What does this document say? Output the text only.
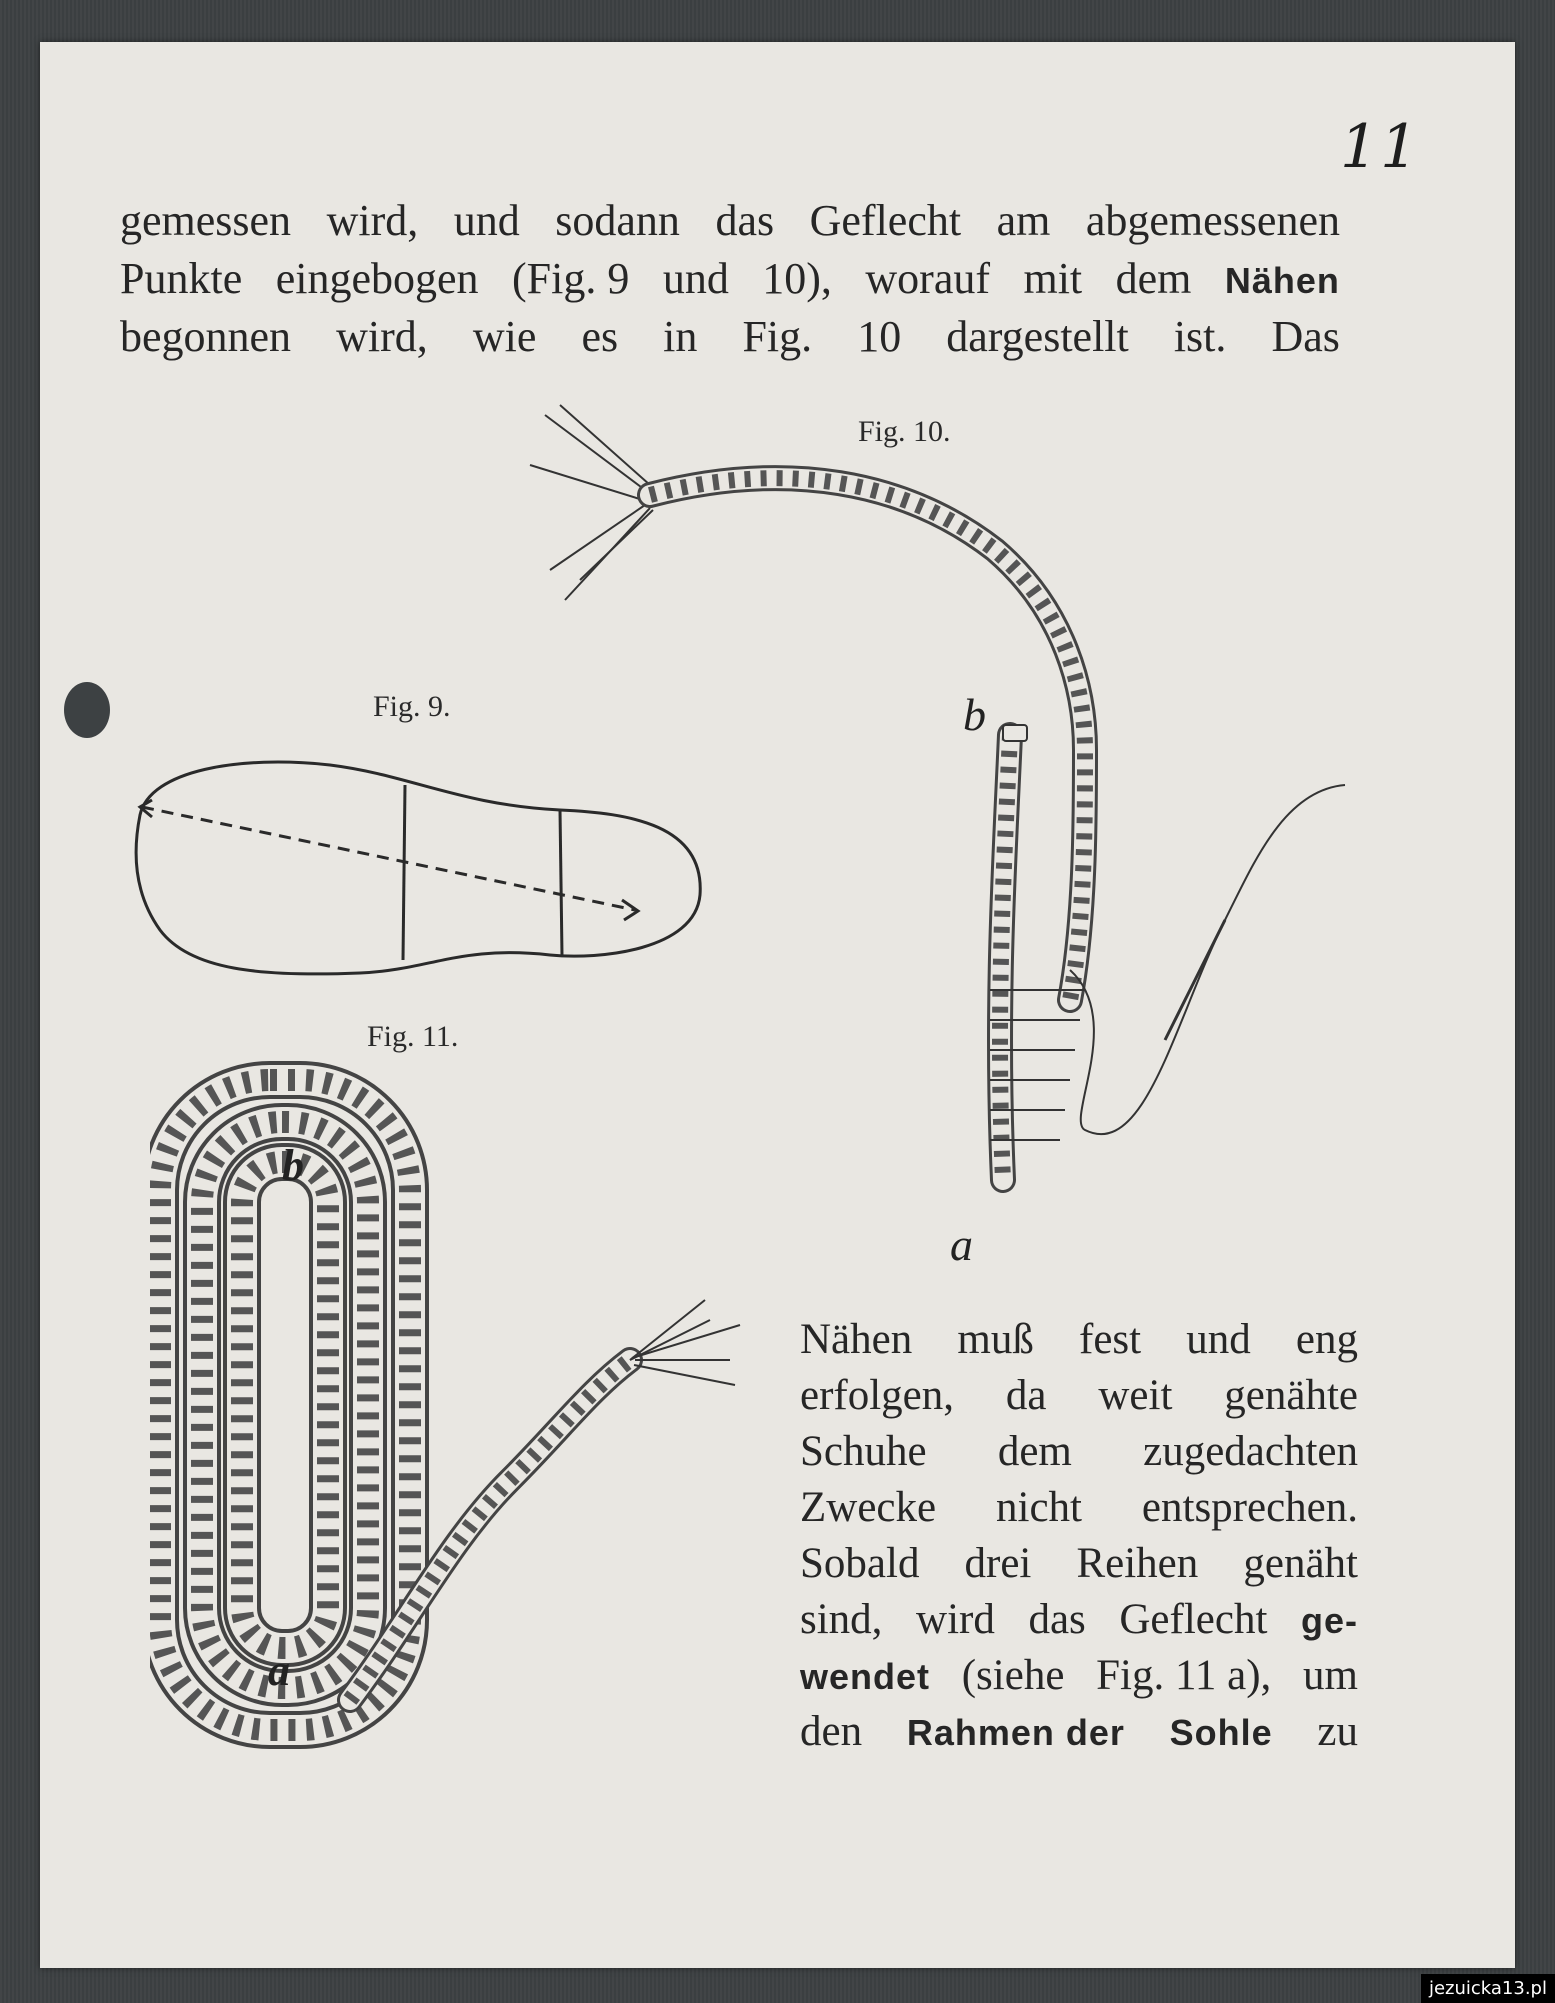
11
gemessen wird, und sodann das Geflecht am abgemessenen
Punkte eingebogen (Fig. 9 und 10), worauf mit dem Nähen
begonnen wird, wie es in Fig. 10 dargestellt ist. Das
Fig. 9.
Fig. 10.
Fig. 11.
b
a
b
a
Nähen muß fest und eng
erfolgen, da weit genähte
Schuhe dem zugedachten
Zwecke nicht entsprechen.
Sobald drei Reihen genäht
sind, wird das Geflecht ge-
wendet (siehe Fig. 11 a), um
den Rahmen der Sohle zu
jezuicka13.pl
